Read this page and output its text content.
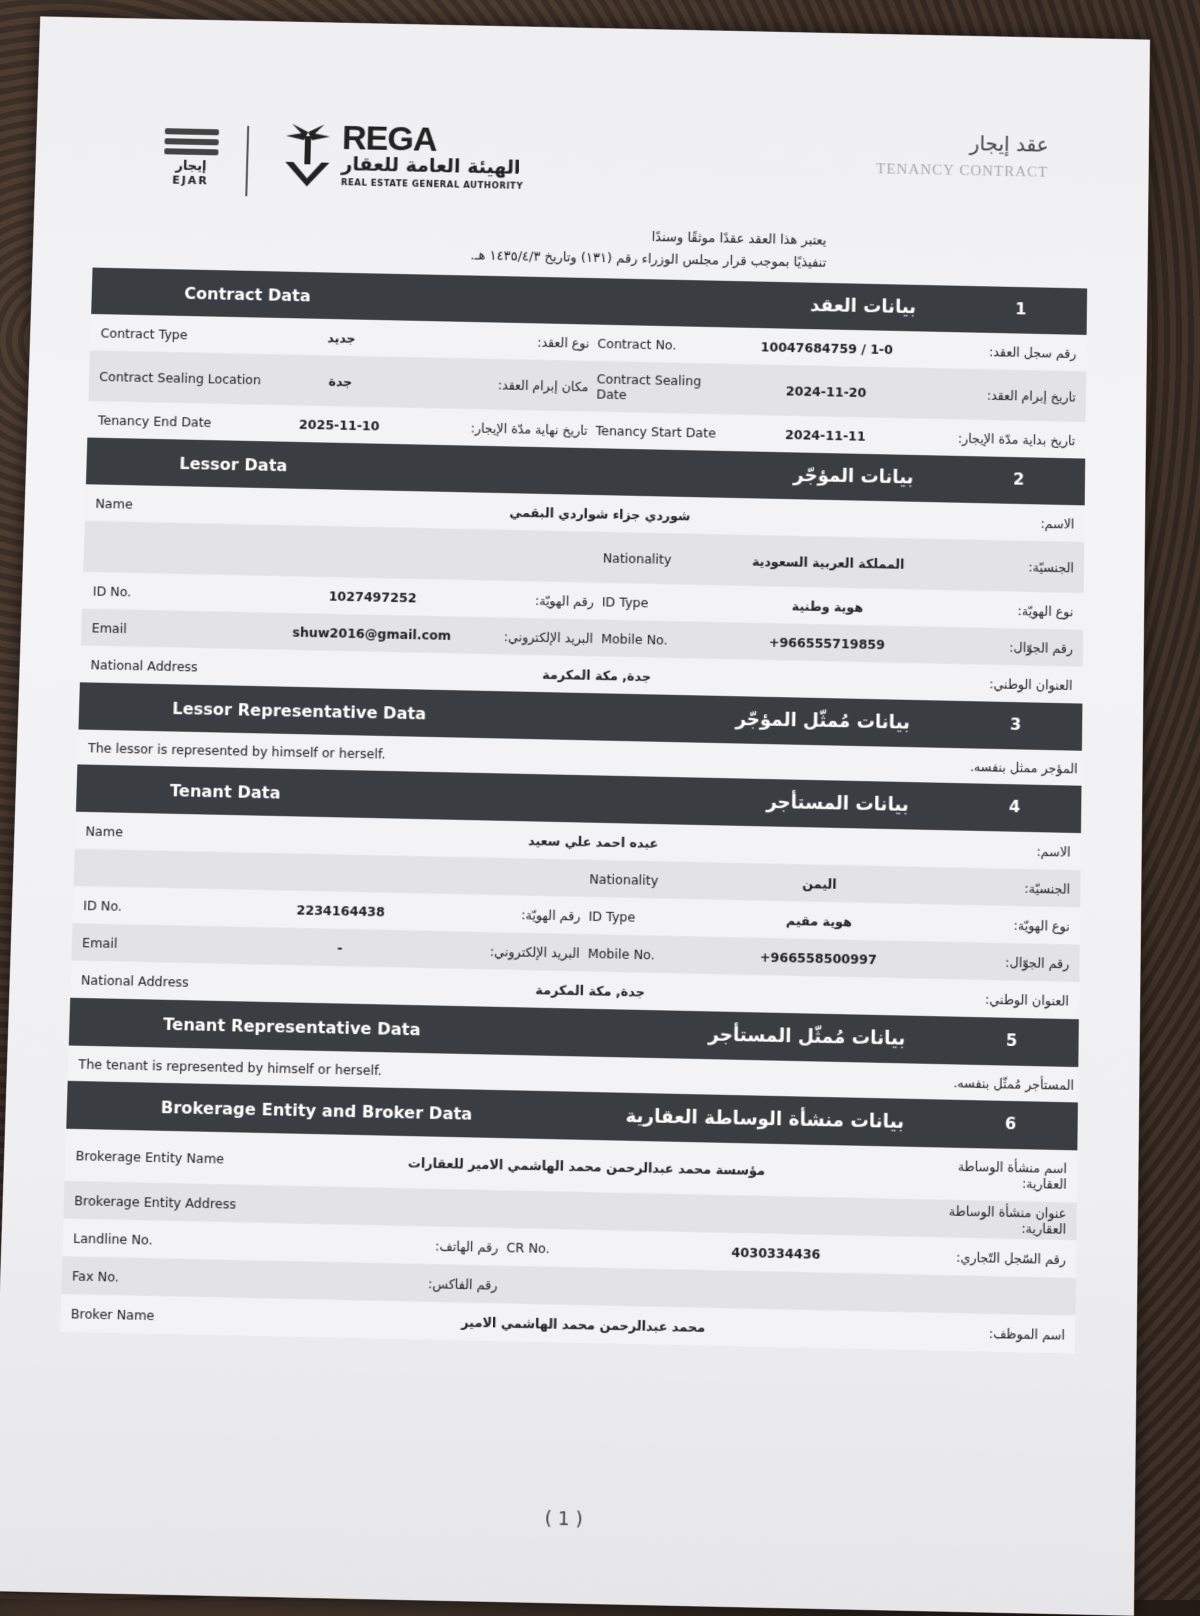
إيجار
EJAR
REGA
الهيئة العامة للعقار
REAL ESTATE GENERAL AUTHORITY
عقد إيجار
TENANCY CONTRACT
يعتبر هذا العقد عقدًا موثقًا وسندًا
تنفيذيًا بموجب قرار مجلس الوزراء رقم (١٣١) وتاريخ ١٤٣٥/٤/٣ هـ.
Contract Data
بيانات العقد	1
Contract Type	جديد	نوع العقد:	Contract No.	10047684759 / 1-0	رقم سجل العقد:
Contract Sealing Location	جدة	مكان إبرام العقد:	Contract Sealing Date	2024-11-20	تاريخ إبرام العقد:
Tenancy End Date	2025-11-10	تاريخ نهاية مدّة الإيجار:	Tenancy Start Date	2024-11-11	تاريخ بداية مدّة الإيجار:
Lessor Data
بيانات المؤجّر	2
Name	شوردي جزاء شواردي البقمي				الاسم:
			Nationality	المملكة العربية السعودية	الجنسيّة:
ID No.	1027497252	رقم الهويّة:	ID Type	هوية وطنية	نوع الهويّة:
Email	shuw2016@gmail.com	البريد الإلكتروني:	Mobile No.	+966555719859	رقم الجوّال:
National Address	جدة, مكة المكرمة				العنوان الوطني:
Lessor Representative Data	بيانات مُمثّل المؤجّر	3
The lessor is represented by himself or herself.	المؤجر ممثل بنفسه.
Tenant Data	بيانات المستأجر	4
Name	عبده احمد علي سعيد				الاسم:
			Nationality	اليمن	الجنسيّة:
ID No.	2234164438	رقم الهويّة:	ID Type	هوية مقيم	نوع الهويّة:
Email	-	البريد الإلكتروني:	Mobile No.	+966558500997	رقم الجوّال:
National Address	جدة, مكة المكرمة				العنوان الوطني:
Tenant Representative Data	بيانات مُمثّل المستأجر	5
The tenant is represented by himself or herself.	المستأجر مُمثّل بنفسه.
Brokerage Entity and Broker Data	بيانات منشأة الوساطة العقارية	6
Brokerage Entity Name	مؤسسة محمد عبدالرحمن محمد الهاشمي الامير للعقارات				اسم منشأة الوساطة العقارية:
Brokerage Entity Address					عنوان منشأة الوساطة العقارية:
Landline No.		رقم الهاتف:	CR No.	4030334436	رقم السّجل التّجاري:
Fax No.		رقم الفاكس:			
Broker Name	محمد عبدالرحمن محمد الهاشمي الامير				اسم الموظف:
( 1 )
